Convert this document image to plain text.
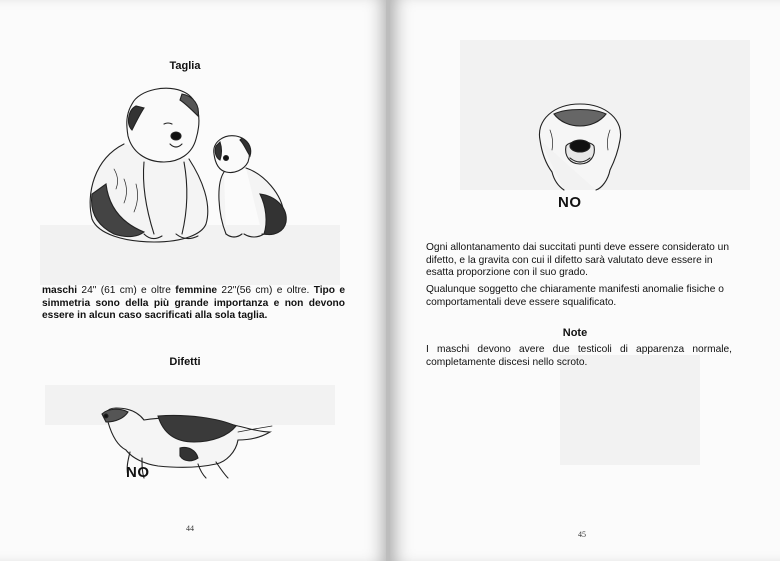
Taglia
maschi 24" (61 cm) e oltre femmine 22"(56 cm) e oltre. Tipo e simmetria sono della più grande importanza e non devono essere in alcun caso sacrificati alla sola taglia.
Difetti
NO
44
NO
Ogni allontanamento dai succitati punti deve essere considerato un difetto, e la gravita con cui il difetto sarà valutato deve essere in esatta proporzione con il suo grado.
Qualunque soggetto che chiaramente manifesti anomalie fisiche o comportamentali deve essere squalificato.
Note
I maschi devono avere due testicoli di apparenza normale, completamente discesi nello scroto.
45
